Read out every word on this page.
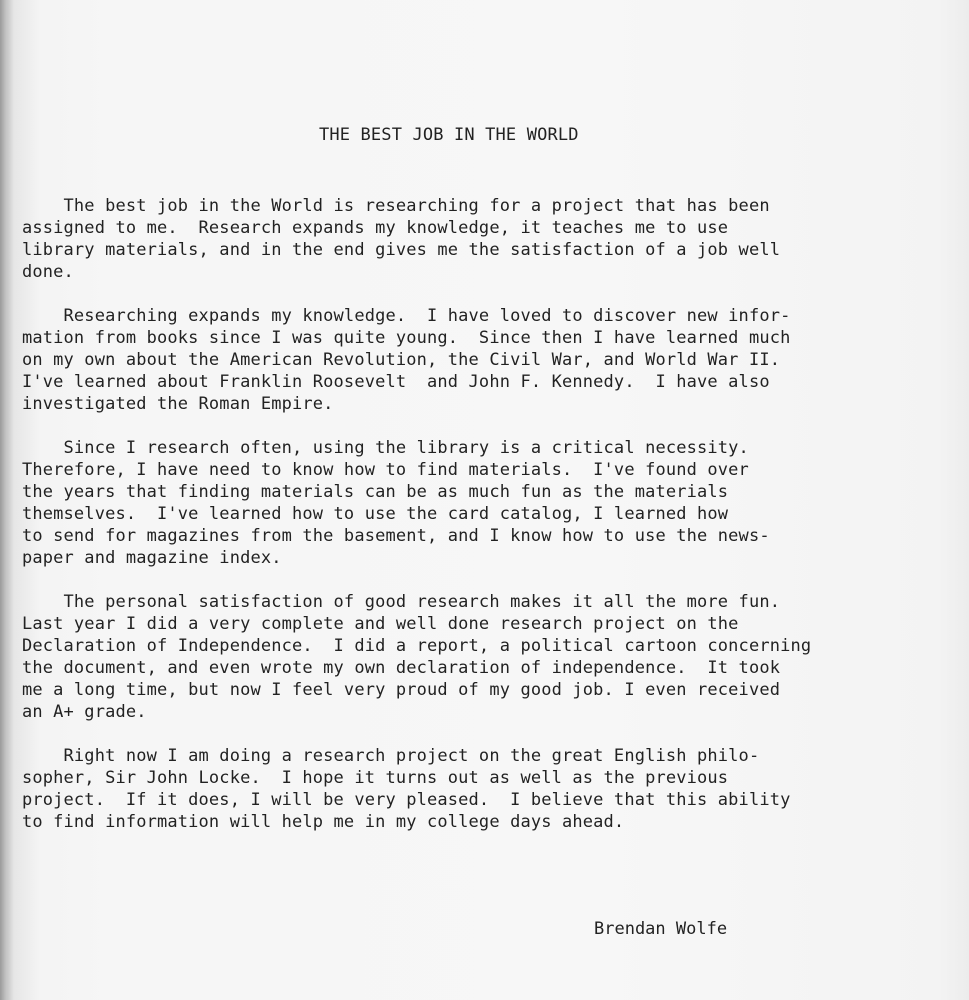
THE BEST JOB IN THE WORLD
The best job in the World is researching for a project that has been
assigned to me.  Research expands my knowledge, it teaches me to use
library materials, and in the end gives me the satisfaction of a job well
done.
Researching expands my knowledge.  I have loved to discover new infor-
mation from books since I was quite young.  Since then I have learned much
on my own about the American Revolution, the Civil War, and World War II.
I've learned about Franklin Roosevelt  and John F. Kennedy.  I have also
investigated the Roman Empire.
Since I research often, using the library is a critical necessity.
Therefore, I have need to know how to find materials.  I've found over
the years that finding materials can be as much fun as the materials
themselves.  I've learned how to use the card catalog, I learned how
to send for magazines from the basement, and I know how to use the news-
paper and magazine index.
The personal satisfaction of good research makes it all the more fun.
Last year I did a very complete and well done research project on the
Declaration of Independence.  I did a report, a political cartoon concerning
the document, and even wrote my own declaration of independence.  It took
me a long time, but now I feel very proud of my good job. I even received
an A+ grade.
Right now I am doing a research project on the great English philo-
sopher, Sir John Locke.  I hope it turns out as well as the previous
project.  If it does, I will be very pleased.  I believe that this ability
to find information will help me in my college days ahead.
Brendan Wolfe
